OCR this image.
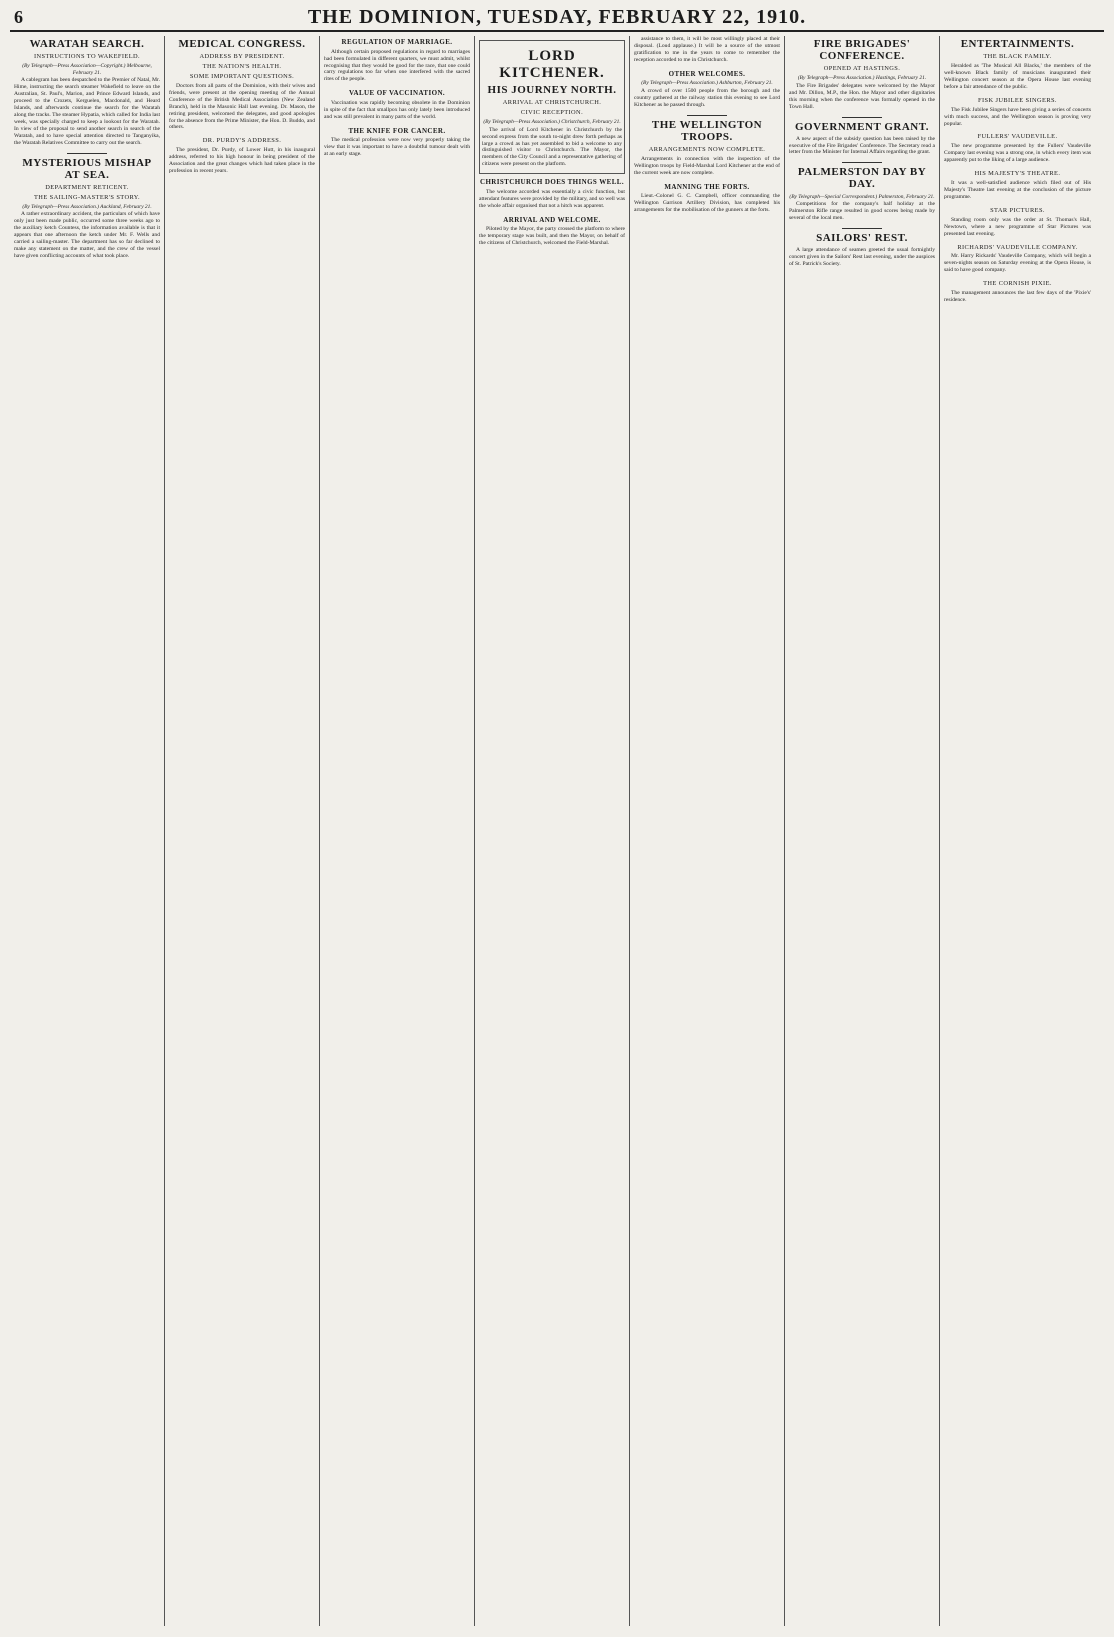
6	THE DOMINION, TUESDAY, FEBRUARY 22, 1910.
WARATAH SEARCH.
INSTRUCTIONS TO WAKEFIELD.
(By Telegraph—Press Association—Copyright.) Melbourne, February 21.

A cablegram has been despatched to the Premier of Natal, Mr. Hime, instructing the search steamer Wakefield to leave on the Australian, St. Paul's, Marion, and Prince Edward Islands, and proceed to the Crozets, Kerguelen, Macdonald, and Heard Islands, and afterwards continue the search for the Waratah along the tracks. The steamer Hypatia, which called for India last week, was specially charged to keep a lookout for the Waratah. In view of the proposal to send another search in search of the Waratah, and to have special attention directed to Tanganyika, the Waratah Relatives Committee to carry out the search.

MYSTERIOUS MISHAP AT SEA.
DEPARTMENT RETICENT.
THE SAILING-MASTER'S STORY.
(By Telegraph—Press Association.) Auckland, February 21.

A rather extraordinary accident, the particulars of which have only just been made public, occurred some three weeks ago to the auxiliary ketch Countess, the information available is that it appears that one afternoon the ketch under Mr. F. Wells and carried a sailing-master. The department has so far declined to make any statement on the matter, and the crew of the vessel have given conflicting accounts of what took place.

MEDICAL CONGRESS.
ADDRESS BY PRESIDENT.
THE NATION'S HEALTH.
SOME IMPORTANT QUESTIONS.

Doctors from all parts of the Dominion, with their wives and friends, were present at the opening meeting of the Annual Conference of the British Medical Association (New Zealand Branch), held in the Masonic Hall last evening. Dr. Mason, the retiring president, welcomed the delegates, and good apologies for the absence from the Prime Minister, the Hon. D. Buddo, and others.

DR. PURDY'S ADDRESS.

The president, Dr. Purdy, of Lower Hutt, in his inaugural address, referred to his high honour in being president of the Association and the great changes which had taken place in the profession in recent years.

REGULATION OF MARRIAGE.

Although certain proposed regulations in regard to marriages had been formulated in different quarters, we must admit, whilst recognising that they would be good for the race, that one could carry regulations too far when one interfered with the sacred rites of the people.

VALUE OF VACCINATION.

Vaccination was rapidly becoming obsolete in the Dominion in spite of the fact that smallpox has only lately been introduced and was still prevalent in many parts of the world.

THE KNIFE FOR CANCER.

The medical profession were now very properly taking the view that it was important to have a doubtful tumour dealt with at an early stage.

LORD KITCHENER.
HIS JOURNEY NORTH.
ARRIVAL AT CHRISTCHURCH.
CIVIC RECEPTION.
(By Telegraph—Press Association.) Christchurch, February 21.

The arrival of Lord Kitchener in Christchurch by the second express from the south to-night drew forth perhaps as large a crowd as has yet assembled to bid a welcome to any distinguished visitor to Christchurch. The Mayor, the members of the City Council and a representative gathering of citizens were present on the platform.

CHRISTCHURCH DOES THINGS WELL.

The welcome accorded was essentially a civic function, but attendant features were provided by the military, and so well was the whole affair organised that not a hitch was apparent.

ARRIVAL AND WELCOME.

Piloted by the Mayor, the party crossed the platform to where the temporary stage was built, and then the Mayor, on behalf of the citizens of Christchurch, welcomed the Field-Marshal.

assistance to them, it will be most willingly placed at their disposal. (Loud applause.) It will be a source of the utmost gratification to me in the years to come to remember the reception accorded to me in Christchurch.

OTHER WELCOMES.
(By Telegraph—Press Association.) Ashburton, February 21.

A crowd of over 1500 people from the borough and the country gathered at the railway station this evening to see Lord Kitchener as he passed through.

THE WELLINGTON TROOPS.
ARRANGEMENTS NOW COMPLETE.

Arrangements in connection with the inspection of the Wellington troops by Field-Marshal Lord Kitchener at the end of the current week are now complete.

MANNING THE FORTS.

Lieut.-Colonel G. C. Campbell, officer commanding the Wellington Garrison Artillery Division, has completed his arrangements for the mobilisation of the gunners at the forts.

FIRE BRIGADES' CONFERENCE.
OPENED AT HASTINGS.
(By Telegraph—Press Association.) Hastings, February 21.

The Fire Brigades' delegates were welcomed by the Mayor and Mr. Dillon, M.P., the Hon. the Mayor and other dignitaries this morning when the conference was formally opened in the Town Hall.

GOVERNMENT GRANT.

A new aspect of the subsidy question has been raised by the executive of the Fire Brigades' Conference. The Secretary read a letter from the Minister for Internal Affairs regarding the grant.

PALMERSTON DAY BY DAY.
(By Telegraph—Special Correspondent.) Palmerston, February 21.

Competitions for the company's half holiday at the Palmerston Rifle range resulted in good scores being made by several of the local men.

SAILORS' REST.

A large attendance of seamen greeted the usual fortnightly concert given in the Sailors' Rest last evening, under the auspices of St. Patrick's Society.

ENTERTAINMENTS.
THE BLACK FAMILY.

Heralded as 'The Musical All Blacks,' the members of the well-known Black family of musicians inaugurated their Wellington concert season at the Opera House last evening before a fair attendance of the public.

FISK JUBILEE SINGERS.

The Fisk Jubilee Singers have been giving a series of concerts with much success, and the Wellington season is proving very popular.

FULLERS' VAUDEVILLE.

The new programme presented by the Fullers' Vaudeville Company last evening was a strong one, in which every item was apparently put to the liking of a large audience.

HIS MAJESTY'S THEATRE.

It was a well-satisfied audience which filed out of His Majesty's Theatre last evening at the conclusion of the picture programme.

STAR PICTURES.

Standing room only was the order at St. Thomas's Hall, Newtown, where a new programme of Star Pictures was presented last evening.

RICHARDS' VAUDEVILLE COMPANY.

Mr. Harry Rickards' Vaudeville Company, which will begin a seven-nights season on Saturday evening at the Opera House, is said to have good company.

THE CORNISH PIXIE.

The management announces the last few days of the 'Pixie's' residence.
